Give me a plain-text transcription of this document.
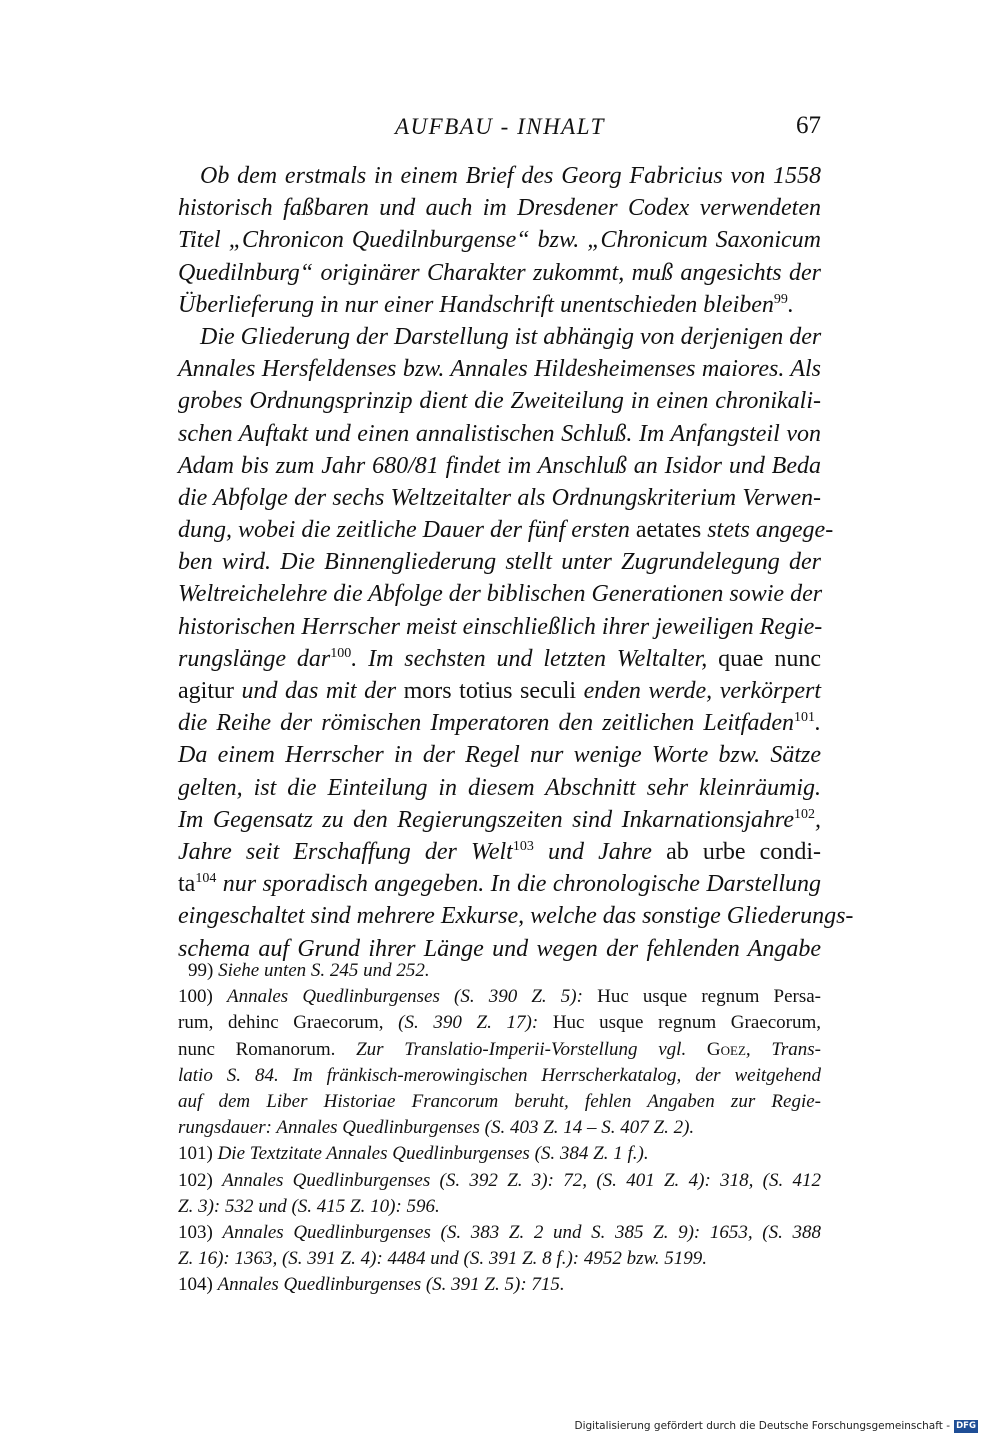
AUFBAU - INHALT	67
Ob dem erstmals in einem Brief des Georg Fabricius von 1558
historisch faßbaren und auch im Dresdener Codex verwendeten
Titel „Chronicon Quedilnburgense“ bzw. „Chronicum Saxonicum
Quedilnburg“ originärer Charakter zukommt, muß angesichts der
Überlieferung in nur einer Handschrift unentschieden bleiben$^{99}$.
Die Gliederung der Darstellung ist abhängig von derjenigen der
Annales Hersfeldenses bzw. Annales Hildesheimenses maiores. Als
grobes Ordnungsprinzip dient die Zweiteilung in einen chronikali-
schen Auftakt und einen annalistischen Schluß. Im Anfangsteil von
Adam bis zum Jahr 680/81 findet im Anschluß an Isidor und Beda
die Abfolge der sechs Weltzeitalter als Ordnungskriterium Verwen-
dung, wobei die zeitliche Dauer der fünf ersten aetates stets angege-
ben wird. Die Binnengliederung stellt unter Zugrundelegung der
Weltreichelehre die Abfolge der biblischen Generationen sowie der
historischen Herrscher meist einschließlich ihrer jeweiligen Regie-
rungslänge dar$^{100}$. Im sechsten und letzten Weltalter, quae nunc
agitur und das mit der mors totius seculi enden werde, verkörpert
die Reihe der römischen Imperatoren den zeitlichen Leitfaden$^{101}$.
Da einem Herrscher in der Regel nur wenige Worte bzw. Sätze
gelten, ist die Einteilung in diesem Abschnitt sehr kleinräumig.
Im Gegensatz zu den Regierungszeiten sind Inkarnationsjahre$^{102}$,
Jahre seit Erschaffung der Welt$^{103}$ und Jahre ab urbe condi-
$ta^{104}$ nur sporadisch angegeben. In die chronologische Darstellung
eingeschaltet sind mehrere Exkurse, welche das sonstige Gliederungs-
schema auf Grund ihrer Länge und wegen der fehlenden Angabe
99) Siehe unten S. 245 und 252.
100) Annales Quedlinburgenses (S. 390 Z. 5): Huc usque regnum Persa-
rum, dehinc Graecorum, (S. 390 Z. 17): Huc usque regnum Graecorum,
nunc Romanorum. Zur Translatio-Imperii-Vorstellung vgl. Goez, Trans-
latio S. 84. Im fränkisch-merowingischen Herrscherkatalog, der weitgehend
auf dem Liber Historiae Francorum beruht, fehlen Angaben zur Regie-
rungsdauer: Annales Quedlinburgenses (S. 403 Z. 14 – S. 407 Z. 2).
101) Die Textzitate Annales Quedlinburgenses (S. 384 Z. 1 f.).
102) Annales Quedlinburgenses (S. 392 Z. 3): 72, (S. 401 Z. 4): 318, (S. 412
Z. 3): 532 und (S. 415 Z. 10): 596.
103) Annales Quedlinburgenses (S. 383 Z. 2 und S. 385 Z. 9): 1653, (S. 388
Z. 16): 1363, (S. 391 Z. 4): 4484 und (S. 391 Z. 8 f.): 4952 bzw. 5199.
104) Annales Quedlinburgenses (S. 391 Z. 5): 715.
Digitalisierung gefördert durch die Deutsche Forschungsgemeinschaft - DFG
